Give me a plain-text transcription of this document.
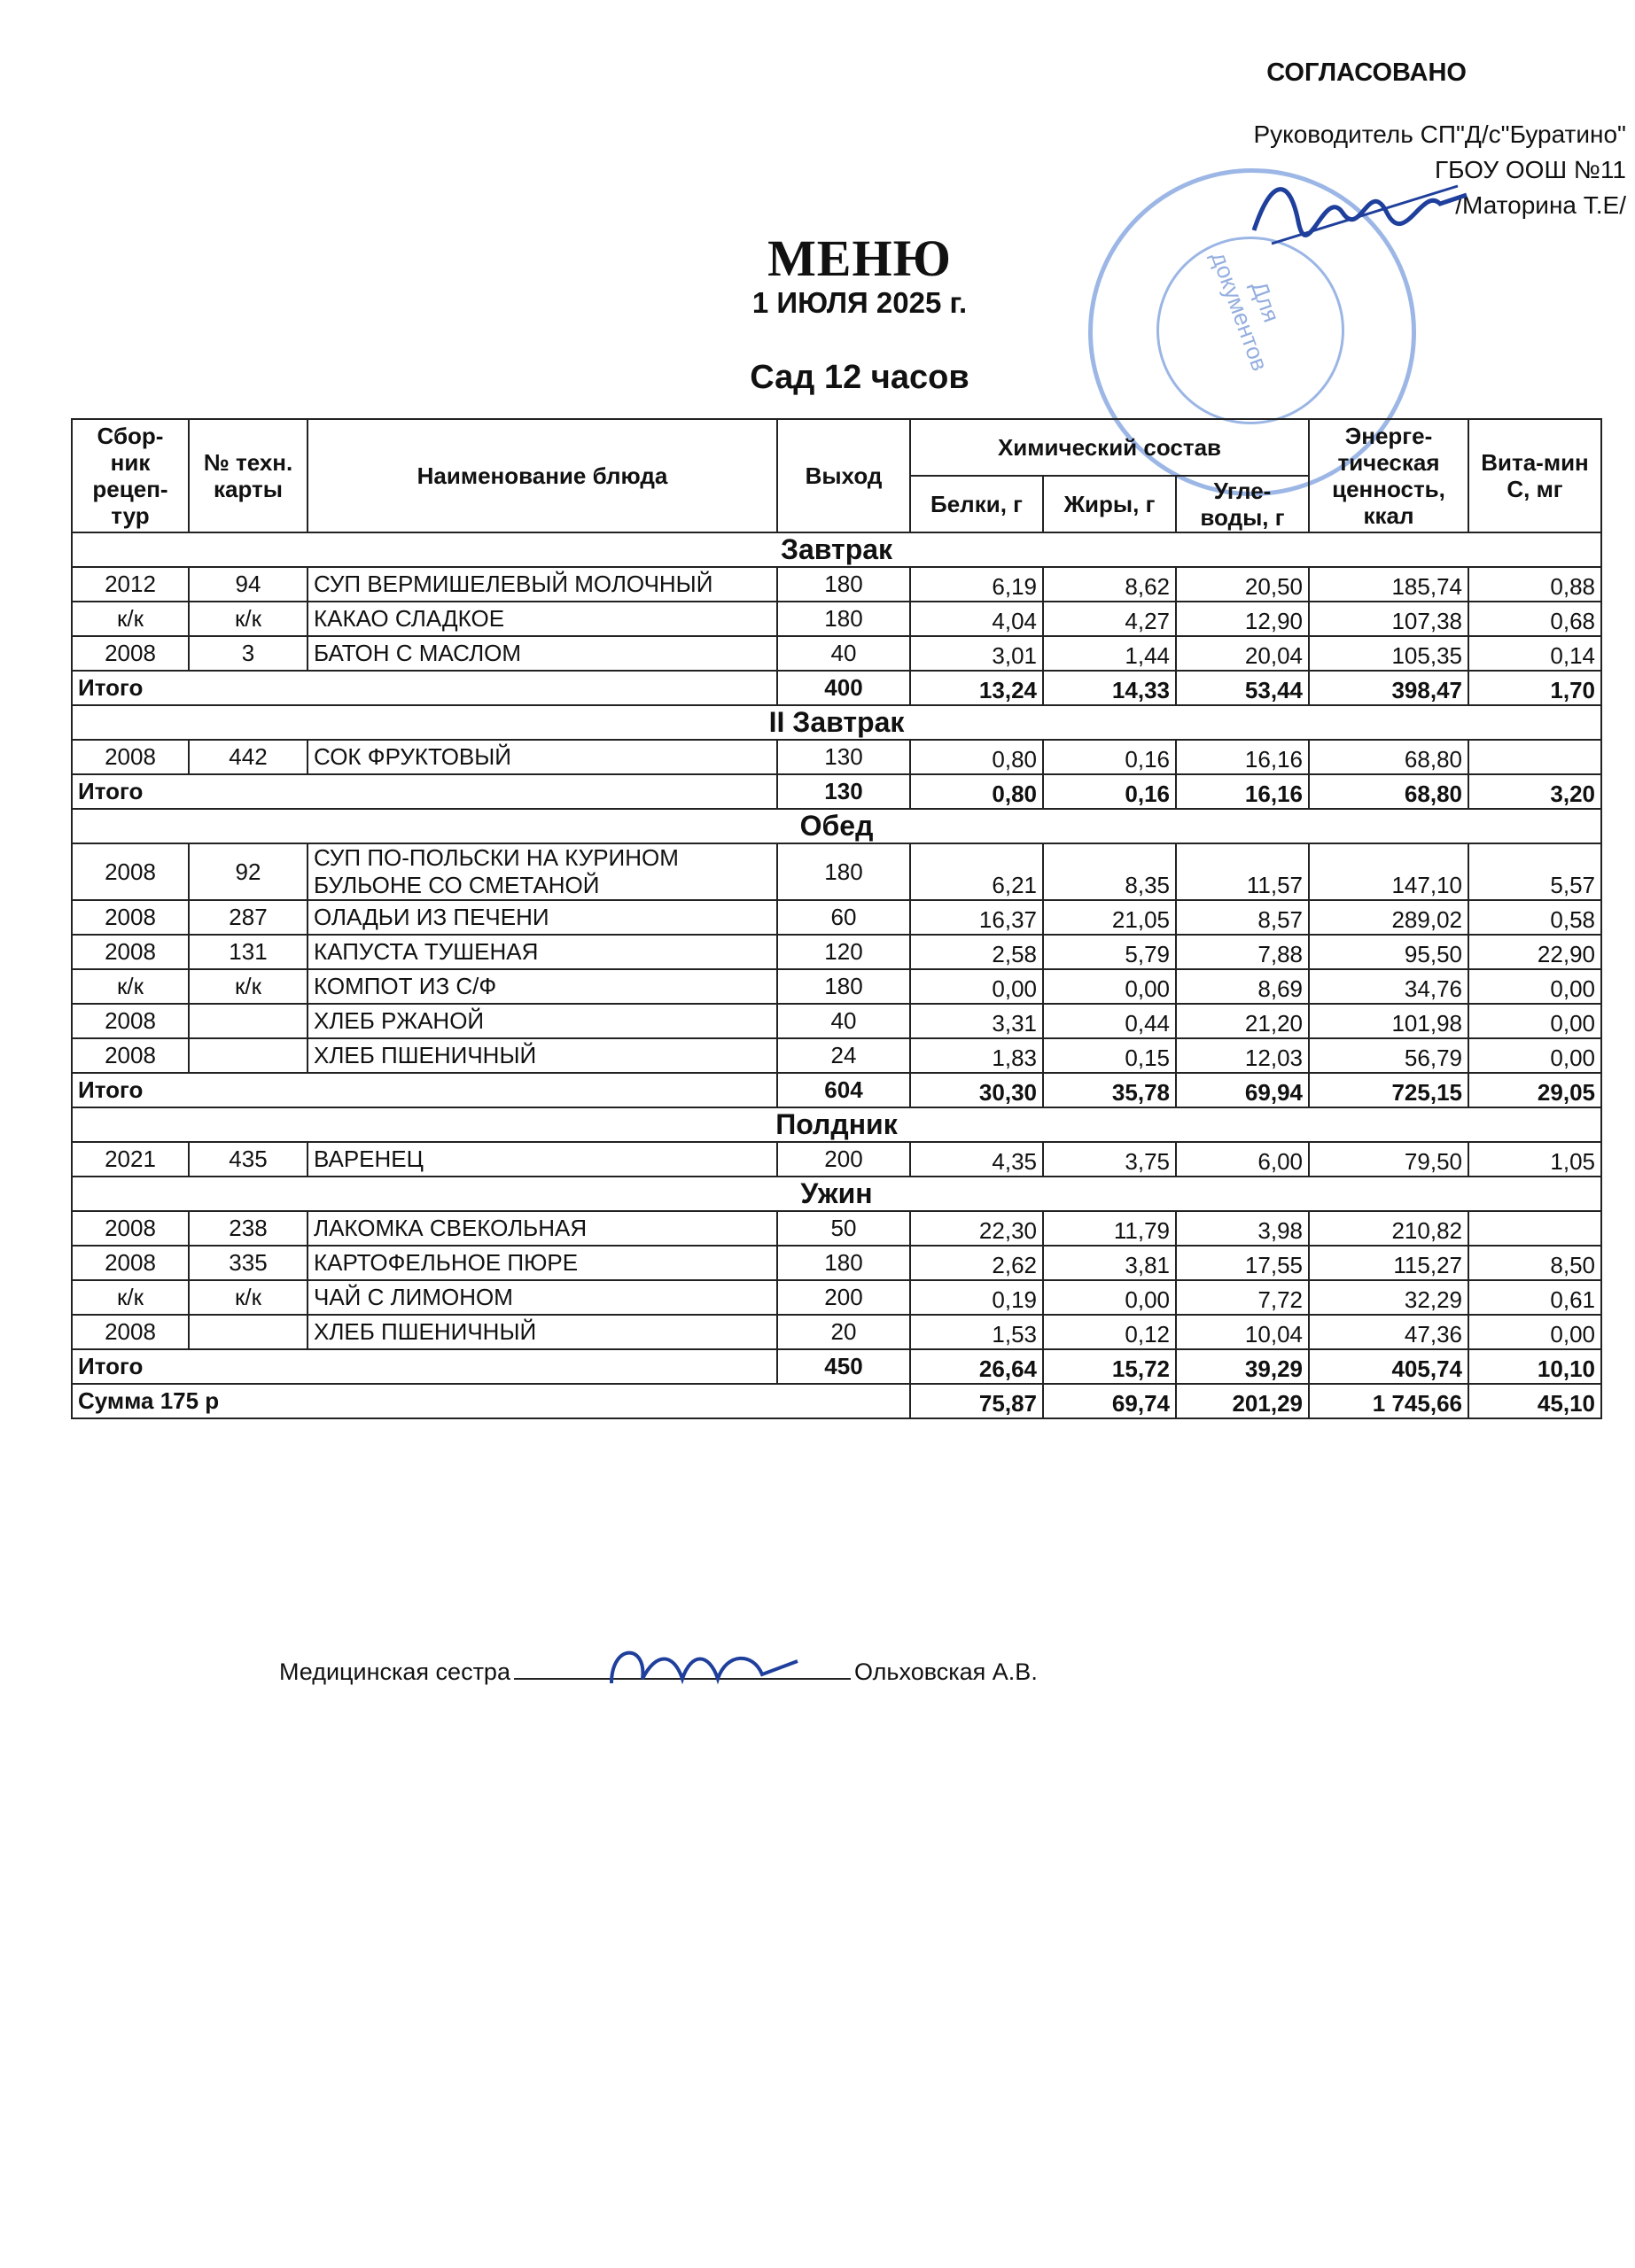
СОГЛАСОВАНО
Руководитель СП"Д/с"Буратино"
ГБОУ ООШ №11
/Маторина Т.Е/
Для документов
МЕНЮ
1 ИЮЛЯ 2025 г.
Сад 12 часов
Сбор-ник рецеп-тур	№ техн. карты	Наименование блюда	Выход	Химический состав			Энерге-тическая ценность, ккал	Вита-мин С, мг
				Белки, г	Жиры, г	Угле-воды, г		
Завтрак								
2012	94	СУП ВЕРМИШЕЛЕВЫЙ МОЛОЧНЫЙ	180	6,19	8,62	20,50	185,74	0,88
к/к	к/к	КАКАО СЛАДКОЕ	180	4,04	4,27	12,90	107,38	0,68
2008	3	БАТОН С МАСЛОМ	40	3,01	1,44	20,04	105,35	0,14
Итого			400	13,24	14,33	53,44	398,47	1,70
II Завтрак								
2008	442	СОК ФРУКТОВЫЙ	130	0,80	0,16	16,16	68,80	
Итого			130	0,80	0,16	16,16	68,80	3,20
Обед								
2008	92	СУП ПО-ПОЛЬСКИ НА КУРИНОМ БУЛЬОНЕ СО СМЕТАНОЙ	180	6,21	8,35	11,57	147,10	5,57
2008	287	ОЛАДЬИ ИЗ ПЕЧЕНИ	60	16,37	21,05	8,57	289,02	0,58
2008	131	КАПУСТА ТУШЕНАЯ	120	2,58	5,79	7,88	95,50	22,90
к/к	к/к	КОМПОТ ИЗ С/Ф	180	0,00	0,00	8,69	34,76	0,00
2008		ХЛЕБ РЖАНОЙ	40	3,31	0,44	21,20	101,98	0,00
2008		ХЛЕБ ПШЕНИЧНЫЙ	24	1,83	0,15	12,03	56,79	0,00
Итого			604	30,30	35,78	69,94	725,15	29,05
Полдник								
2021	435	ВАРЕНЕЦ	200	4,35	3,75	6,00	79,50	1,05
Ужин								
2008	238	ЛАКОМКА СВЕКОЛЬНАЯ	50	22,30	11,79	3,98	210,82	
2008	335	КАРТОФЕЛЬНОЕ ПЮРЕ	180	2,62	3,81	17,55	115,27	8,50
к/к	к/к	ЧАЙ С ЛИМОНОМ	200	0,19	0,00	7,72	32,29	0,61
2008		ХЛЕБ ПШЕНИЧНЫЙ	20	1,53	0,12	10,04	47,36	0,00
Итого			450	26,64	15,72	39,29	405,74	10,10
Сумма 175 р				75,87	69,74	201,29	1 745,66	45,10
Медицинская сестра	Ольховская А.В.
